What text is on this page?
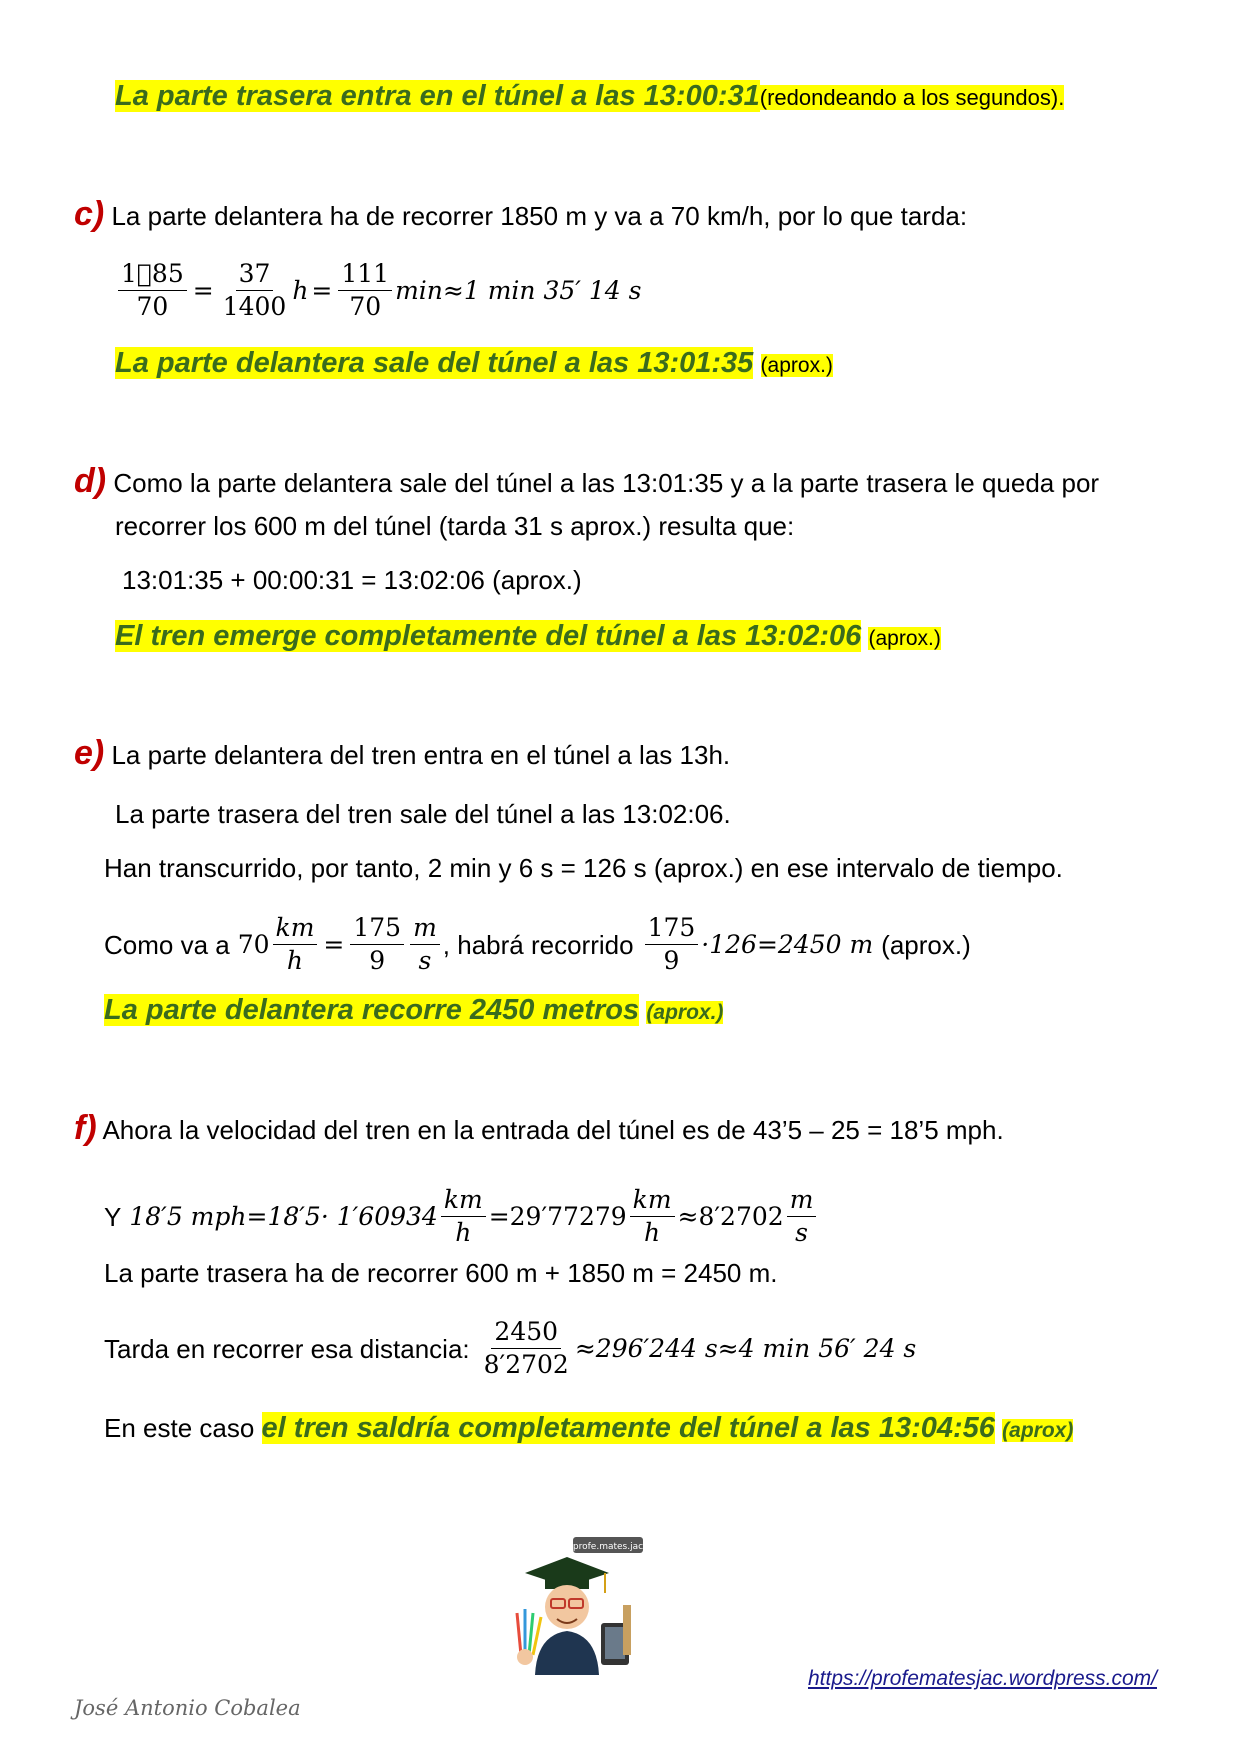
La parte trasera entra en el túnel a las 13:00:31(redondeando a los segundos).
c) La parte delantera ha de recorrer 1850 m y va a 70 km/h, por lo que tarda:
$\frac{1⃒85}{70} = \frac{37}{1400}$ $h = \frac{111}{70} \min\approx 1$ min 35′ 14 s
La parte delantera sale del túnel a las 13:01:35 (aprox.)
d) Como la parte delantera sale del túnel a las 13:01:35 y a la parte trasera le queda por
recorrer los 600 m del túnel (tarda 31 s aprox.) resulta que:
13:01:35 + 00:00:31 = 13:02:06 (aprox.)
El tren emerge completamente del túnel a las 13:02:06 (aprox.)
e) La parte delantera del tren entra en el túnel a las 13h.
La parte trasera del tren sale del túnel a las 13:02:06.
Han transcurrido, por tanto, 2 min y 6 s = 126 s (aprox.) en ese intervalo de tiempo.
Como va a $70 \frac{km}{h} = \frac{175}{9} \frac{m}{s}$ , habrá recorrido $\frac{175}{9} \cdot 126=2450$ m (aprox.)
La parte delantera recorre 2450 metros (aprox.)
f) Ahora la velocidad del tren en la entrada del túnel es de 43’5 – 25 = 18’5 mph.
Y 18′5 $mph=18'5\cdot 1'60934 \frac{km}{h} =29'77279 \frac{km}{h} \approx 8'2702 \frac{m}{s}$
La parte trasera ha de recorrer 600 m + 1850 m = 2450 m.
Tarda en recorrer esa distancia: $\frac{2450}{8'2702} \approx 296'244$ s≈4 min 56′ 24 s
En este caso el tren saldría completamente del túnel a las 13:04:56 (aprox)
profe.mates.jac
https://profematesjac.wordpress.com/
José Antonio Cobalea
